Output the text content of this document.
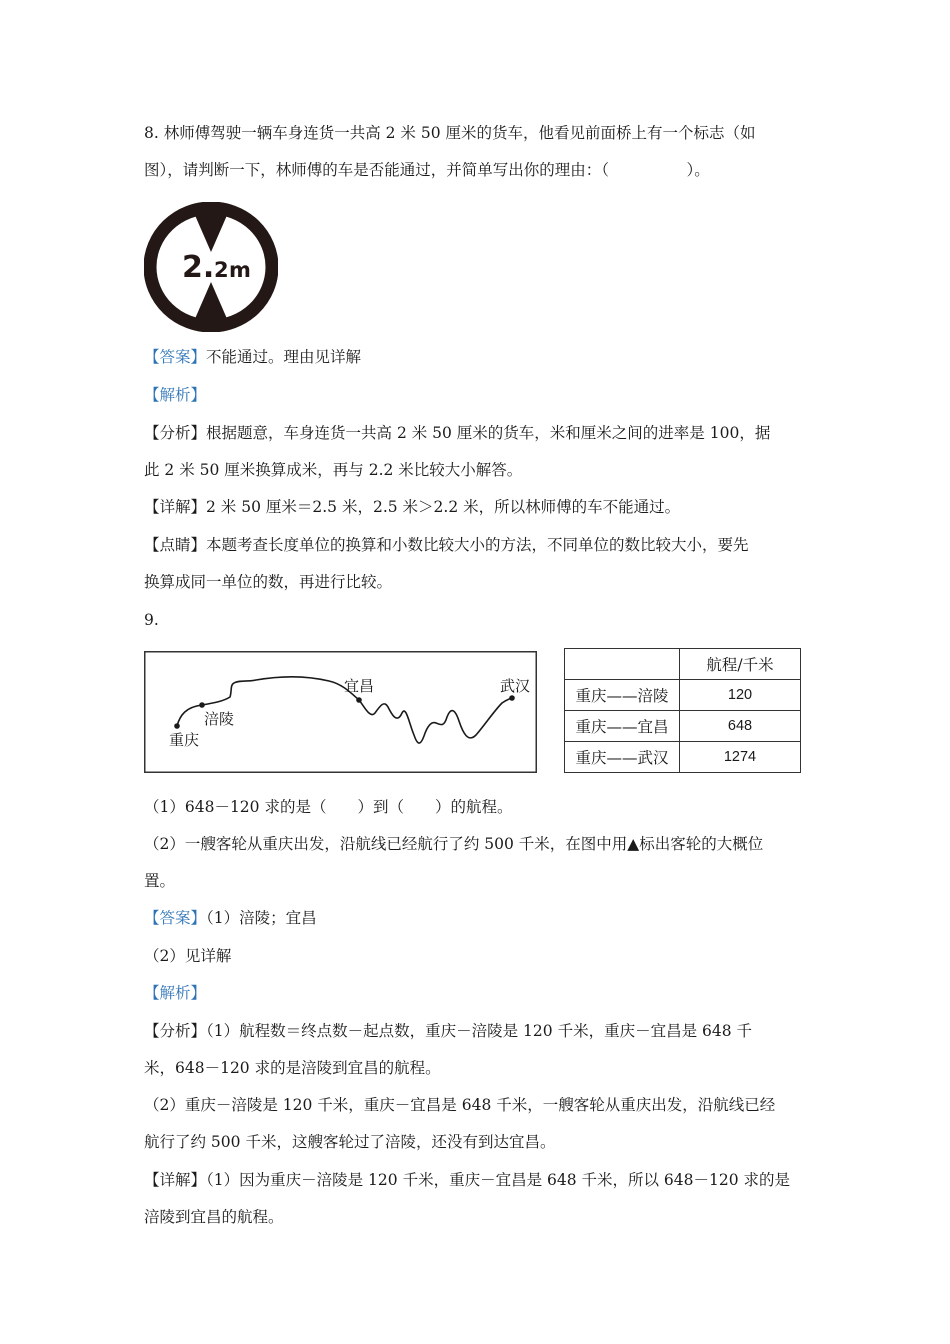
8. 林师傅驾驶一辆车身连货一共高 2 米 50 厘米的货车，他看见前面桥上有一个标志（如
图），请判断一下，林师傅的车是否能通过，并简单写出你的理由：（　　　　　）。
2. 2 m
【答案】不能通过。理由见详解
【解析】
【分析】根据题意，车身连货一共高 2 米 50 厘米的货车，米和厘米之间的进率是 100，据
此 2 米 50 厘米换算成米，再与 2.2 米比较大小解答。
【详解】2 米 50 厘米＝2.5 米，2.5 米＞2.2 米，所以林师傅的车不能通过。
【点睛】本题考查长度单位的换算和小数比较大小的方法，不同单位的数比较大小，要先
换算成同一单位的数，再进行比较。
9.
重庆
涪陵
宜昌	武汉
	航程/千米
重庆——涪陵	120
重庆——宜昌	648
重庆——武汉	1274
（1）648－120 求的是（　　）到（　　）的航程。
（2）一艘客轮从重庆出发，沿航线已经航行了约 500 千米，在图中用▲标出客轮的大概位
置。
【答案】（1）涪陵；宜昌
（2）见详解
【解析】
【分析】（1）航程数＝终点数－起点数，重庆－涪陵是 120 千米，重庆－宜昌是 648 千
米，648－120 求的是涪陵到宜昌的航程。
（2）重庆－涪陵是 120 千米，重庆－宜昌是 648 千米，一艘客轮从重庆出发，沿航线已经
航行了约 500 千米，这艘客轮过了涪陵，还没有到达宜昌。
【详解】（1）因为重庆－涪陵是 120 千米，重庆－宜昌是 648 千米，所以 648－120 求的是
涪陵到宜昌的航程。
